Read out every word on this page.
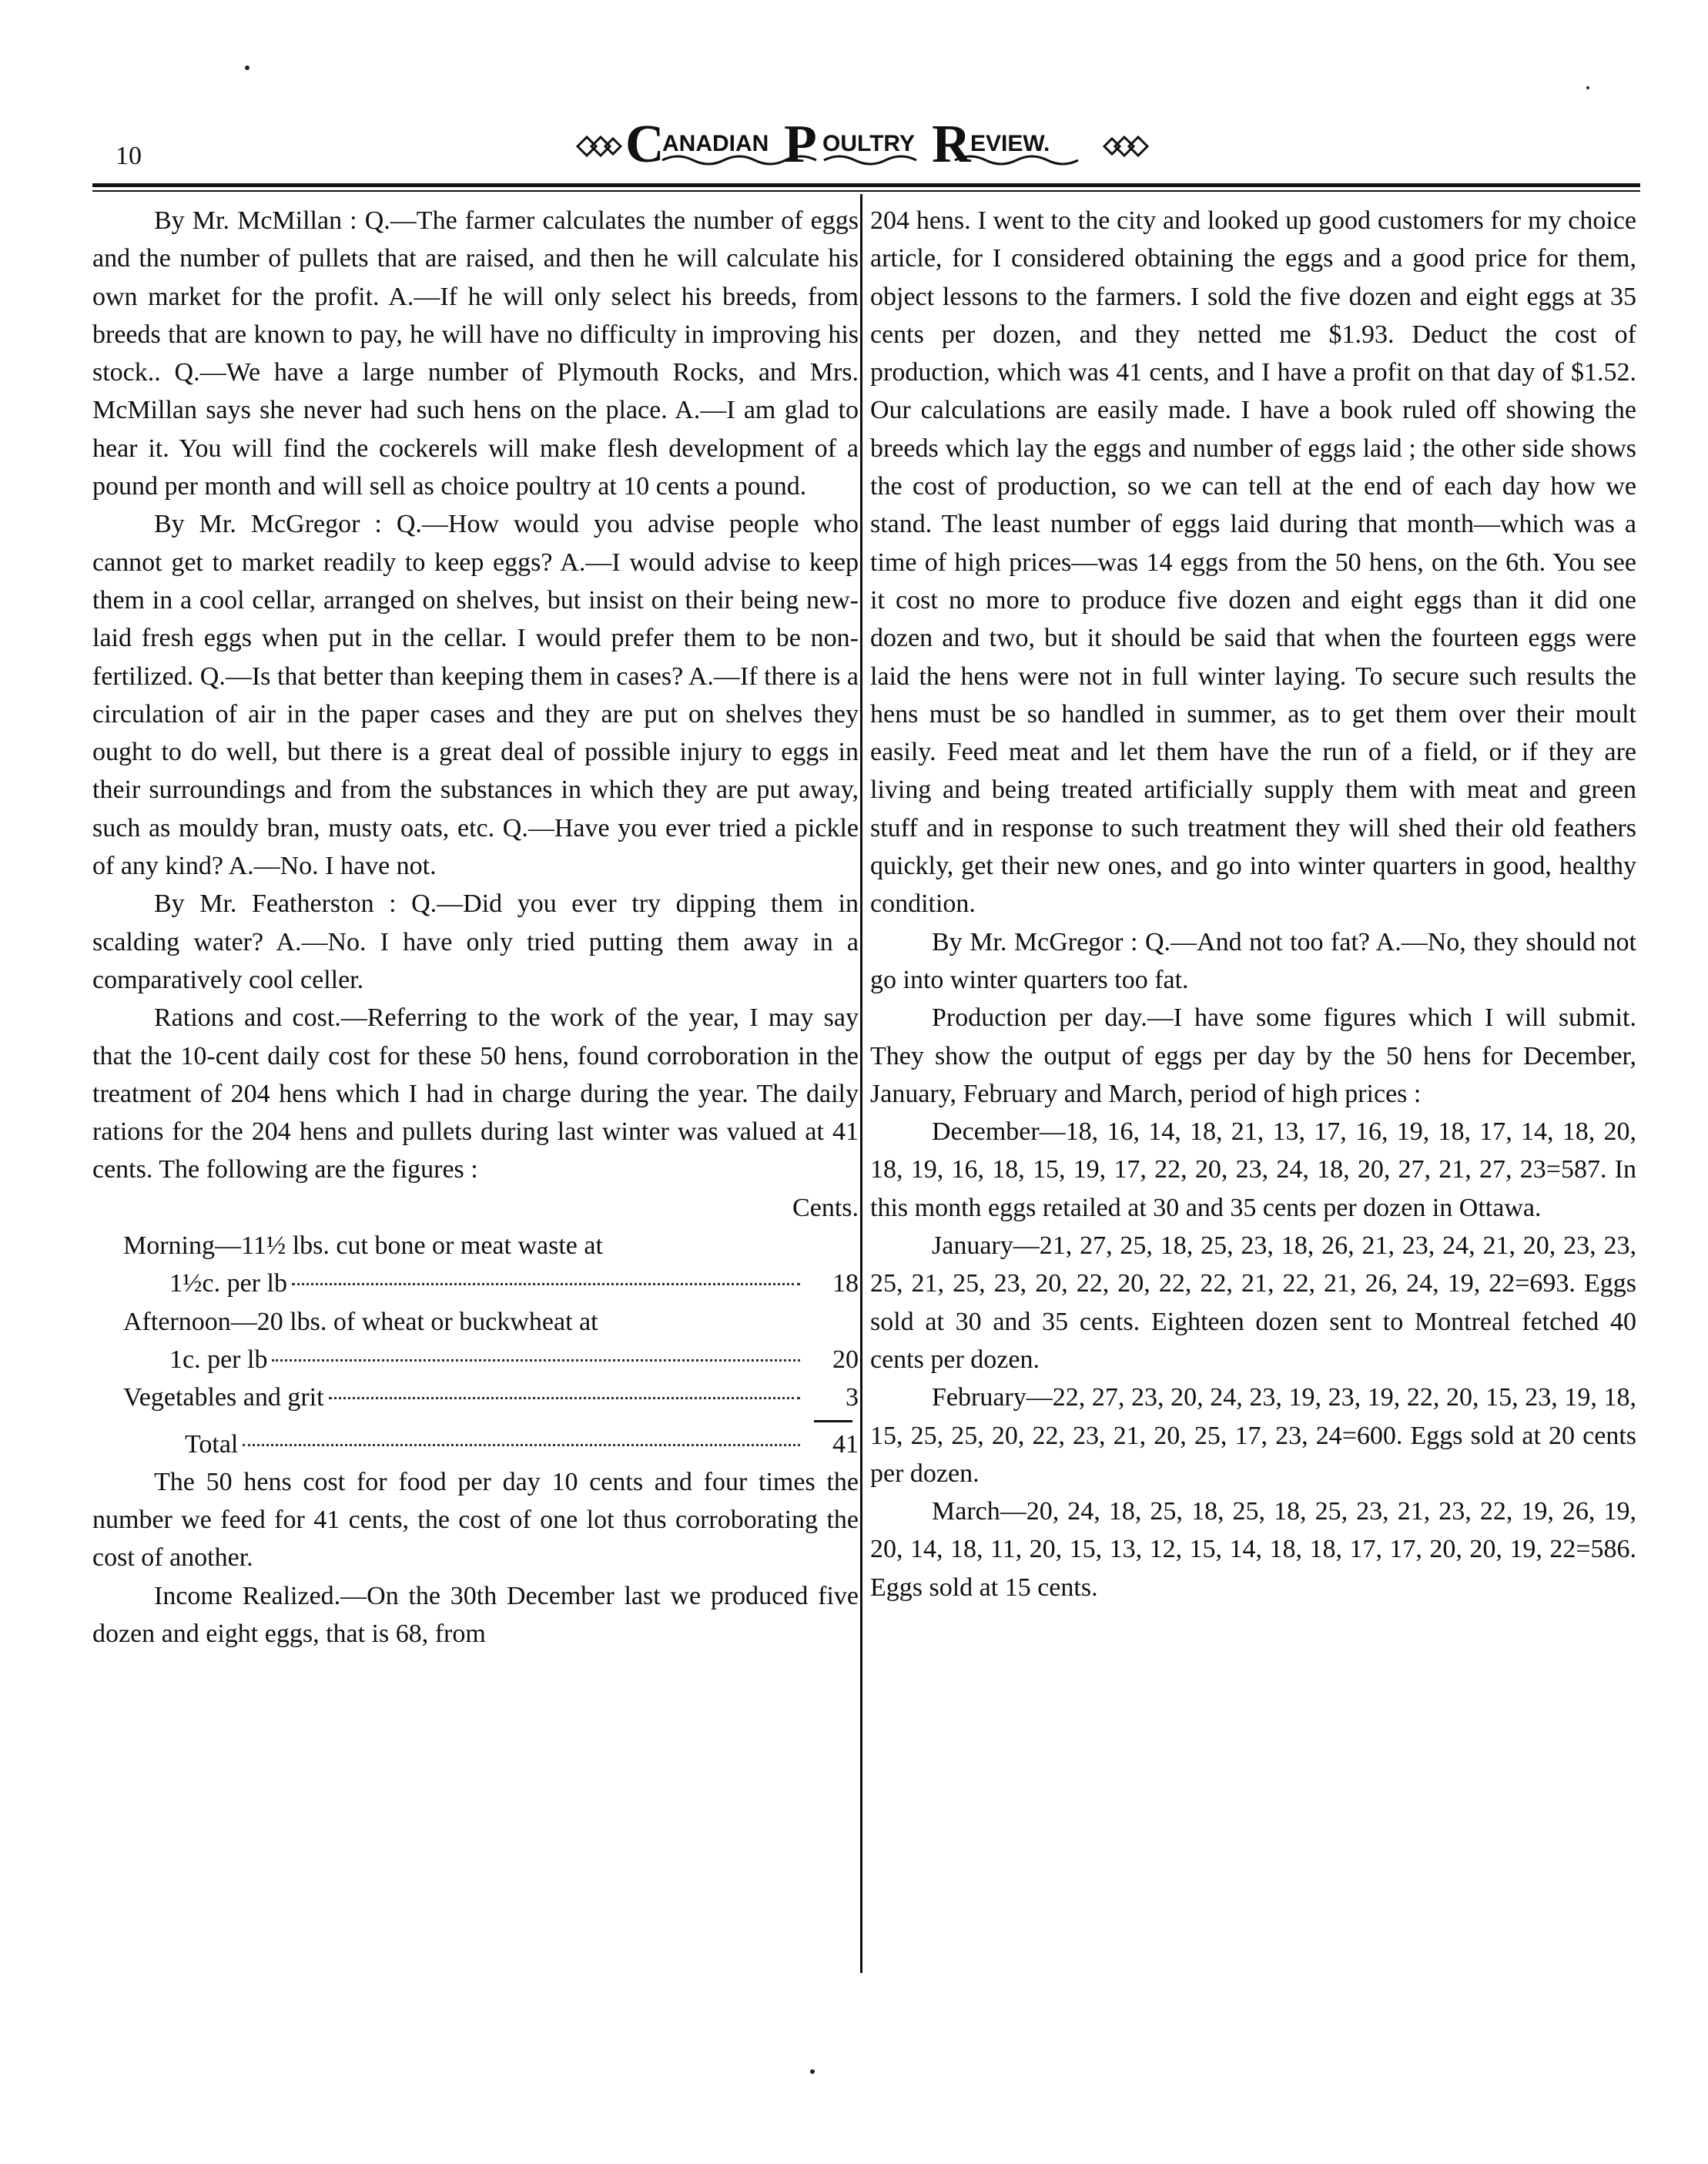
10	C
ANADIAN P OULTRY R EVIEW.

By Mr. McMillan : Q.—The farmer calculates the number of eggs and the number of pullets that are raised, and then he will calculate his own market for the profit. A.—If he will only select his breeds, from breeds that are known to pay, he will have no difficulty in improving his stock.. Q.—We have a large number of Plymouth Rocks, and Mrs. McMillan says she never had such hens on the place. A.—I am glad to hear it. You will find the cockerels will make flesh development of a pound per month and will sell as choice poultry at 10 cents a pound.

By Mr. McGregor : Q.—How would you advise people who cannot get to market readily to keep eggs? A.—I would advise to keep them in a cool cellar, arranged on shelves, but insist on their being new-laid fresh eggs when put in the cellar. I would prefer them to be non-fertilized. Q.—Is that better than keeping them in cases? A.—If there is a circulation of air in the paper cases and they are put on shelves they ought to do well, but there is a great deal of possible injury to eggs in their surroundings and from the substances in which they are put away, such as mouldy bran, musty oats, etc. Q.—Have you ever tried a pickle of any kind? A.—No. I have not.

By Mr. Featherston : Q.—Did you ever try dipping them in scalding water? A.—No. I have only tried putting them away in a comparatively cool celler.

Rations and cost.—Referring to the work of the year, I may say that the 10-cent daily cost for these 50 hens, found corroboration in the treatment of 204 hens which I had in charge during the year. The daily rations for the 204 hens and pullets during last winter was valued at 41 cents. The following are the figures :

Cents.

Morning—11½ lbs. cut bone or meat waste at
1½c. per lb	18
Afternoon—20 lbs. of wheat or buckwheat at
1c. per lb	20
Vegetables and grit	3
Total	41

The 50 hens cost for food per day 10 cents and four times the number we feed for 41 cents, the cost of one lot thus corroborating the cost of another.

Income Realized.—On the 30th December last we produced five dozen and eight eggs, that is 68, from

204 hens. I went to the city and looked up good customers for my choice article, for I considered obtaining the eggs and a good price for them, object lessons to the farmers. I sold the five dozen and eight eggs at 35 cents per dozen, and they netted me $1.93. Deduct the cost of production, which was 41 cents, and I have a profit on that day of $1.52. Our calculations are easily made. I have a book ruled off showing the breeds which lay the eggs and number of eggs laid ; the other side shows the cost of production, so we can tell at the end of each day how we stand. The least number of eggs laid during that month—which was a time of high prices—was 14 eggs from the 50 hens, on the 6th. You see it cost no more to produce five dozen and eight eggs than it did one dozen and two, but it should be said that when the fourteen eggs were laid the hens were not in full winter laying. To secure such results the hens must be so handled in summer, as to get them over their moult easily. Feed meat and let them have the run of a field, or if they are living and being treated artificially supply them with meat and green stuff and in response to such treatment they will shed their old feathers quickly, get their new ones, and go into winter quarters in good, healthy condition.

By Mr. McGregor : Q.—And not too fat? A.—No, they should not go into winter quarters too fat.

Production per day.—I have some figures which I will submit. They show the output of eggs per day by the 50 hens for December, January, February and March, period of high prices :

December—18, 16, 14, 18, 21, 13, 17, 16, 19, 18, 17, 14, 18, 20, 18, 19, 16, 18, 15, 19, 17, 22, 20, 23, 24, 18, 20, 27, 21, 27, 23=587. In this month eggs retailed at 30 and 35 cents per dozen in Ottawa.

January—21, 27, 25, 18, 25, 23, 18, 26, 21, 23, 24, 21, 20, 23, 23, 25, 21, 25, 23, 20, 22, 20, 22, 22, 21, 22, 21, 26, 24, 19, 22=693. Eggs sold at 30 and 35 cents. Eighteen dozen sent to Montreal fetched 40 cents per dozen.

February—22, 27, 23, 20, 24, 23, 19, 23, 19, 22, 20, 15, 23, 19, 18, 15, 25, 25, 20, 22, 23, 21, 20, 25, 17, 23, 24=600. Eggs sold at 20 cents per dozen.

March—20, 24, 18, 25, 18, 25, 18, 25, 23, 21, 23, 22, 19, 26, 19, 20, 14, 18, 11, 20, 15, 13, 12, 15, 14, 18, 18, 17, 17, 20, 20, 19, 22=586. Eggs sold at 15 cents.
